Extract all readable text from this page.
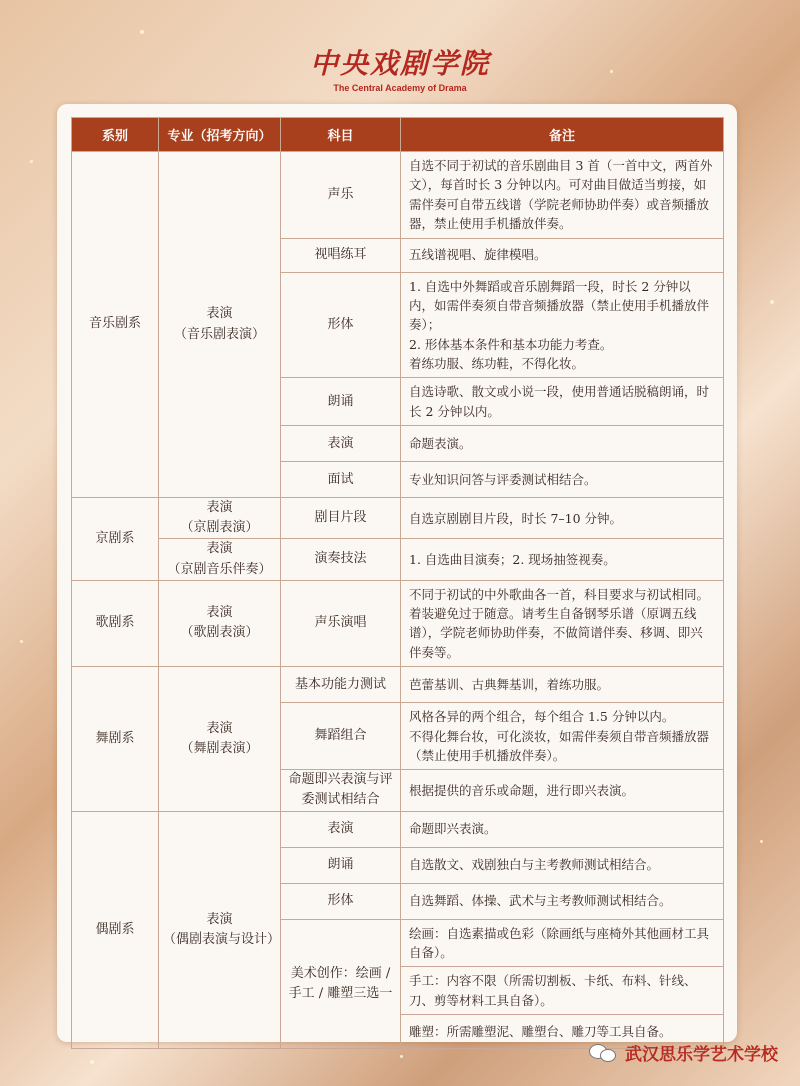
中央戏剧学院
The Central Academy of Drama
系别	专业（招考方向）	科目	备注
音乐剧系	表演
（音乐剧表演）	声乐	自选不同于初试的音乐剧曲目 3 首（一首中文，两首外文），每首时长 3 分钟以内。可对曲目做适当剪接，如需伴奏可自带五线谱（学院老师协助伴奏）或音频播放器，禁止使用手机播放伴奏。
		视唱练耳	五线谱视唱、旋律模唱。
		形体	1. 自选中外舞蹈或音乐剧舞蹈一段，时长 2 分钟以内，如需伴奏须自带音频播放器（禁止使用手机播放伴奏）；
2. 形体基本条件和基本功能力考查。
着练功服、练功鞋，不得化妆。
		朗诵	自选诗歌、散文或小说一段，使用普通话脱稿朗诵，时长 2 分钟以内。
		表演	命题表演。
		面试	专业知识问答与评委测试相结合。
京剧系	表演
（京剧表演）	剧目片段	自选京剧剧目片段，时长 7–10 分钟。
	表演
（京剧音乐伴奏）	演奏技法	1. 自选曲目演奏；2. 现场抽签视奏。
歌剧系	表演
（歌剧表演）	声乐演唱	不同于初试的中外歌曲各一首，科目要求与初试相同。着装避免过于随意。请考生自备钢琴乐谱（原调五线谱），学院老师协助伴奏，不做简谱伴奏、移调、即兴伴奏等。
舞剧系	表演
（舞剧表演）	基本功能力测试	芭蕾基训、古典舞基训，着练功服。
		舞蹈组合	风格各异的两个组合，每个组合 1.5 分钟以内。
不得化舞台妆，可化淡妆，如需伴奏须自带音频播放器（禁止使用手机播放伴奏）。
		命题即兴表演与评委测试相结合	根据提供的音乐或命题，进行即兴表演。
偶剧系	表演
（偶剧表演与设计）	表演	命题即兴表演。
		朗诵	自选散文、戏剧独白与主考教师测试相结合。
		形体	自选舞蹈、体操、武术与主考教师测试相结合。
		美术创作：绘画 / 手工 / 雕塑三选一	绘画：自选素描或色彩（除画纸与座椅外其他画材工具自备）。
			手工：内容不限（所需切割板、卡纸、布料、针线、刀、剪等材料工具自备）。
			雕塑：所需雕塑泥、雕塑台、雕刀等工具自备。
武汉思乐学艺术学校
